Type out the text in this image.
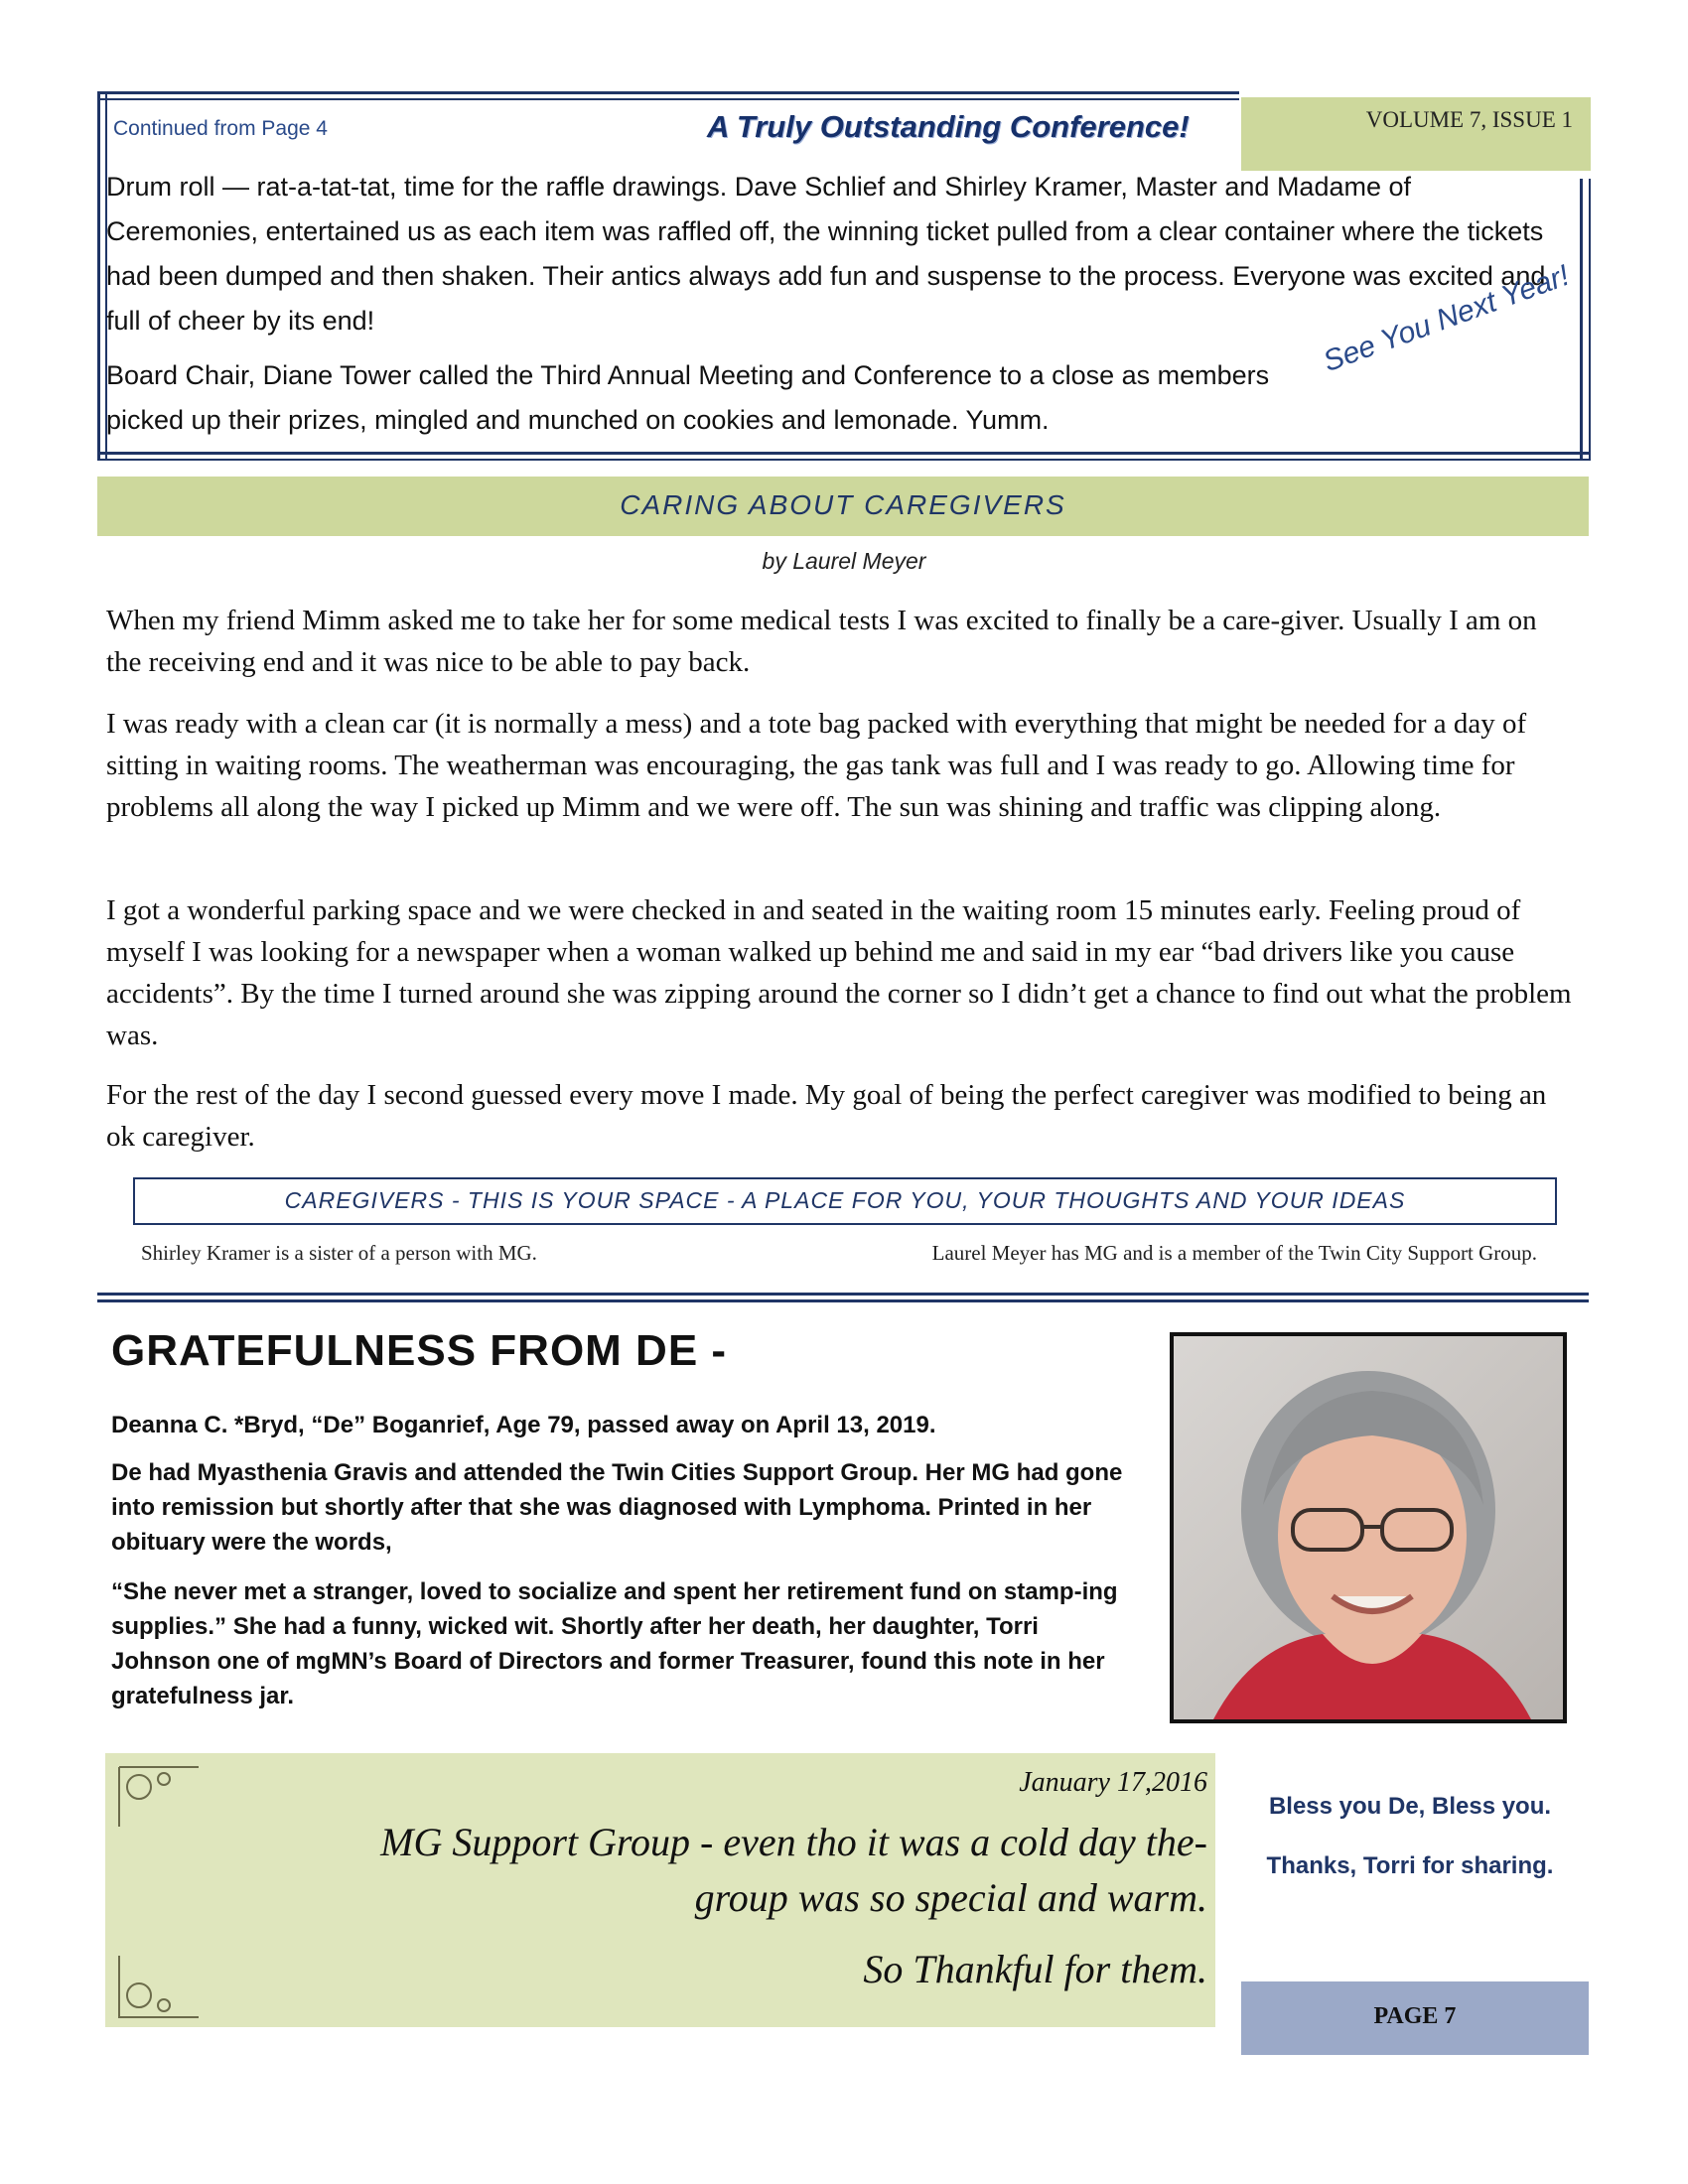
Continued from Page 4	A Truly Outstanding Conference!	VOLUME 7, ISSUE 1
Drum roll — rat-a-tat-tat, time for the raffle drawings. Dave Schlief and Shirley Kramer, Master and Madame of Ceremonies, entertained us as each item was raffled off, the winning ticket pulled from a clear container where the tickets had been dumped and then shaken. Their antics always add fun and suspense to the process. Everyone was excited and full of cheer by its end!
Board Chair, Diane Tower called the Third Annual Meeting and Conference to a close as members picked up their prizes, mingled and munched on cookies and lemonade. Yumm.
See You Next Year!
CARING ABOUT CAREGIVERS
by Laurel Meyer
When my friend Mimm asked me to take her for some medical tests I was excited to finally be a care-giver. Usually I am on the receiving end and it was nice to be able to pay back.
I was ready with a clean car (it is normally a mess) and a tote bag packed with everything that might be needed for a day of sitting in waiting rooms. The weatherman was encouraging, the gas tank was full and I was ready to go. Allowing time for problems all along the way I picked up Mimm and we were off. The sun was shining and traffic was clipping along.
I got a wonderful parking space and we were checked in and seated in the waiting room 15 minutes early. Feeling proud of myself I was looking for a newspaper when a woman walked up behind me and said in my ear “bad drivers like you cause accidents”. By the time I turned around she was zipping around the corner so I didn’t get a chance to find out what the problem was.
For the rest of the day I second guessed every move I made. My goal of being the perfect caregiver was modified to being an ok caregiver.
CAREGIVERS - THIS IS YOUR SPACE - A PLACE FOR YOU, YOUR THOUGHTS AND YOUR IDEAS
Shirley Kramer is a sister of a person with MG.	Laurel Meyer has MG and is a member of the Twin City Support Group.
GRATEFULNESS FROM DE -
Deanna C. *Bryd, “De” Boganrief, Age 79, passed away on April 13, 2019.
De had Myasthenia Gravis and attended the Twin Cities Support Group. Her MG had gone into remission but shortly after that she was diagnosed with Lymphoma. Printed in her obituary were the words,
“She never met a stranger, loved to socialize and spent her retirement fund on stamp-ing supplies.” She had a funny, wicked wit. Shortly after her death, her daughter, Torri Johnson one of mgMN’s Board of Directors and former Treasurer, found this note in her gratefulness jar.
January 17,2016
MG Support Group - even tho it was a cold day the-
group was so special and warm.
So Thankful for them.
Bless you De, Bless you.
Thanks, Torri for sharing.
PAGE 7
